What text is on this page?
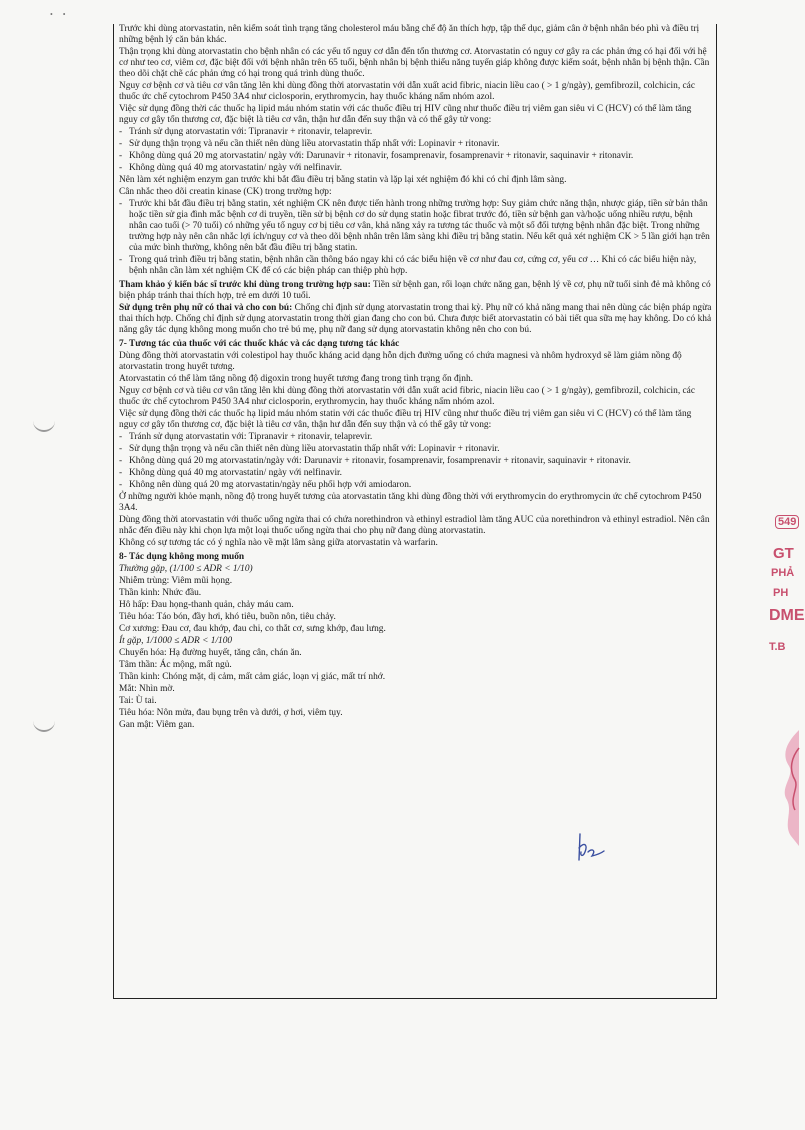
• •

Trước khi dùng atorvastatin, nên kiểm soát tình trạng tăng cholesterol máu bằng chế độ ăn thích hợp, tập thể dục, giảm cân ở bệnh nhân béo phì và điều trị những bệnh lý căn bản khác.

Thận trọng khi dùng atorvastatin cho bệnh nhân có các yếu tố nguy cơ dẫn đến tổn thương cơ. Atorvastatin có nguy cơ gây ra các phản ứng có hại đối với hệ cơ như teo cơ, viêm cơ, đặc biệt đối với bệnh nhân trên 65 tuổi, bệnh nhân bị bệnh thiểu năng tuyến giáp không được kiểm soát, bệnh nhân bị bệnh thận. Cần theo dõi chặt chẽ các phản ứng có hại trong quá trình dùng thuốc.

Nguy cơ bệnh cơ và tiêu cơ vân tăng lên khi dùng đồng thời atorvastatin với dẫn xuất acid fibric, niacin liều cao ( > 1 g/ngày), gemfibrozil, colchicin, các thuốc ức chế cytochrom P450 3A4 như ciclosporin, erythromycin, hay thuốc kháng nấm nhóm azol.

Việc sử dụng đồng thời các thuốc hạ lipid máu nhóm statin với các thuốc điều trị HIV cũng như thuốc điều trị viêm gan siêu vi C (HCV) có thể làm tăng nguy cơ gây tổn thương cơ, đặc biệt là tiêu cơ vân, thận hư dẫn đến suy thận và có thể gây tử vong:

- Tránh sử dụng atorvastatin với: Tipranavir + ritonavir, telaprevir.
- Sử dụng thận trọng và nếu cần thiết nên dùng liều atorvastatin thấp nhất với: Lopinavir + ritonavir.
- Không dùng quá 20 mg atorvastatin/ ngày với: Darunavir + ritonavir, fosamprenavir, fosamprenavir + ritonavir, saquinavir + ritonavir.
- Không dùng quá 40 mg atorvastatin/ ngày với nelfinavir.

Nên làm xét nghiệm enzym gan trước khi bắt đầu điều trị bằng statin và lặp lại xét nghiệm đó khi có chỉ định lâm sàng.

Cân nhắc theo dõi creatin kinase (CK) trong trường hợp:

- Trước khi bắt đầu điều trị bằng statin, xét nghiệm CK nên được tiến hành trong những trường hợp: Suy giảm chức năng thận, nhược giáp, tiền sử bản thân hoặc tiền sử gia đình mắc bệnh cơ di truyền, tiền sử bị bệnh cơ do sử dụng statin hoặc fibrat trước đó, tiền sử bệnh gan và/hoặc uống nhiều rượu, bệnh nhân cao tuổi (> 70 tuổi) có những yếu tố nguy cơ bị tiêu cơ vân, khả năng xảy ra tương tác thuốc và một số đối tượng bệnh nhân đặc biệt. Trong những trường hợp này nên cân nhắc lợi ích/nguy cơ và theo dõi bệnh nhân trên lâm sàng khi điều trị bằng statin. Nếu kết quả xét nghiệm CK > 5 lần giới hạn trên của mức bình thường, không nên bắt đầu điều trị bằng statin.
- Trong quá trình điều trị bằng statin, bệnh nhân cần thông báo ngay khi có các biểu hiện về cơ như đau cơ, cứng cơ, yếu cơ … Khi có các biểu hiện này, bệnh nhân cần làm xét nghiệm CK để có các biện pháp can thiệp phù hợp.

Tham khảo ý kiến bác sĩ trước khi dùng trong trường hợp sau: Tiền sử bệnh gan, rối loạn chức năng gan, bệnh lý về cơ, phụ nữ tuổi sinh đẻ mà không có biện pháp tránh thai thích hợp, trẻ em dưới 10 tuổi.

Sử dụng trên phụ nữ có thai và cho con bú: Chống chỉ định sử dụng atorvastatin trong thai kỳ. Phụ nữ có khả năng mang thai nên dùng các biện pháp ngừa thai thích hợp. Chống chỉ định sử dụng atorvastatin trong thời gian đang cho con bú. Chưa được biết atorvastatin có bài tiết qua sữa mẹ hay không. Do có khả năng gây tác dụng không mong muốn cho trẻ bú mẹ, phụ nữ đang sử dụng atorvastatin không nên cho con bú.

7- Tương tác của thuốc với các thuốc khác và các dạng tương tác khác

Dùng đồng thời atorvastatin với colestipol hay thuốc kháng acid dạng hỗn dịch đường uống có chứa magnesi và nhôm hydroxyd sẽ làm giảm nồng độ atorvastatin trong huyết tương.

Atorvastatin có thể làm tăng nồng độ digoxin trong huyết tương đang trong tình trạng ổn định.

Nguy cơ bệnh cơ và tiêu cơ vân tăng lên khi dùng đồng thời atorvastatin với dẫn xuất acid fibric, niacin liều cao ( > 1 g/ngày), gemfibrozil, colchicin, các thuốc ức chế cytochrom P450 3A4 như ciclosporin, erythromycin, hay thuốc kháng nấm nhóm azol.

Việc sử dụng đồng thời các thuốc hạ lipid máu nhóm statin với các thuốc điều trị HIV cũng như thuốc điều trị viêm gan siêu vi C (HCV) có thể làm tăng nguy cơ gây tổn thương cơ, đặc biệt là tiêu cơ vân, thận hư dẫn đến suy thận và có thể gây tử vong:

- Tránh sử dụng atorvastatin với: Tipranavir + ritonavir, telaprevir.
- Sử dụng thận trọng và nếu cần thiết nên dùng liều atorvastatin thấp nhất với: Lopinavir + ritonavir.
- Không dùng quá 20 mg atorvastatin/ngày với: Darunavir + ritonavir, fosamprenavir, fosamprenavir + ritonavir, saquinavir + ritonavir.
- Không dùng quá 40 mg atorvastatin/ ngày với nelfinavir.
- Không nên dùng quá 20 mg atorvastatin/ngày nếu phối hợp với amiodaron.

Ở những người khỏe mạnh, nồng độ trong huyết tương của atorvastatin tăng khi dùng đồng thời với erythromycin do erythromycin ức chế cytochrom P450 3A4.

Dùng đồng thời atorvastatin với thuốc uống ngừa thai có chứa norethindron và ethinyl estradiol làm tăng AUC của norethindron và ethinyl estradiol. Nên cân nhắc đến điều này khi chọn lựa một loại thuốc uống ngừa thai cho phụ nữ đang dùng atorvastatin.

Không có sự tương tác có ý nghĩa nào về mặt lâm sàng giữa atorvastatin và warfarin.

8- Tác dụng không mong muốn

Thường gặp, (1/100 ≤ ADR < 1/10)

Nhiễm trùng: Viêm mũi họng.

Thần kinh: Nhức đầu.

Hô hấp: Đau họng-thanh quản, chảy máu cam.

Tiêu hóa: Táo bón, đầy hơi, khó tiêu, buồn nôn, tiêu chảy.

Cơ xương: Đau cơ, đau khớp, đau chi, co thắt cơ, sưng khớp, đau lưng.

Ít gặp, 1/1000 ≤ ADR < 1/100

Chuyển hóa: Hạ đường huyết, tăng cân, chán ăn.

Tâm thần: Ác mộng, mất ngủ.

Thần kinh: Chóng mặt, dị cảm, mất cảm giác, loạn vị giác, mất trí nhớ.

Mắt: Nhìn mờ.

Tai: Ù tai.

Tiêu hóa: Nôn mửa, đau bụng trên và dưới, ợ hơi, viêm tụy.

Gan mật: Viêm gan.

549
GT
PHẢ
PH
DME
T.B
